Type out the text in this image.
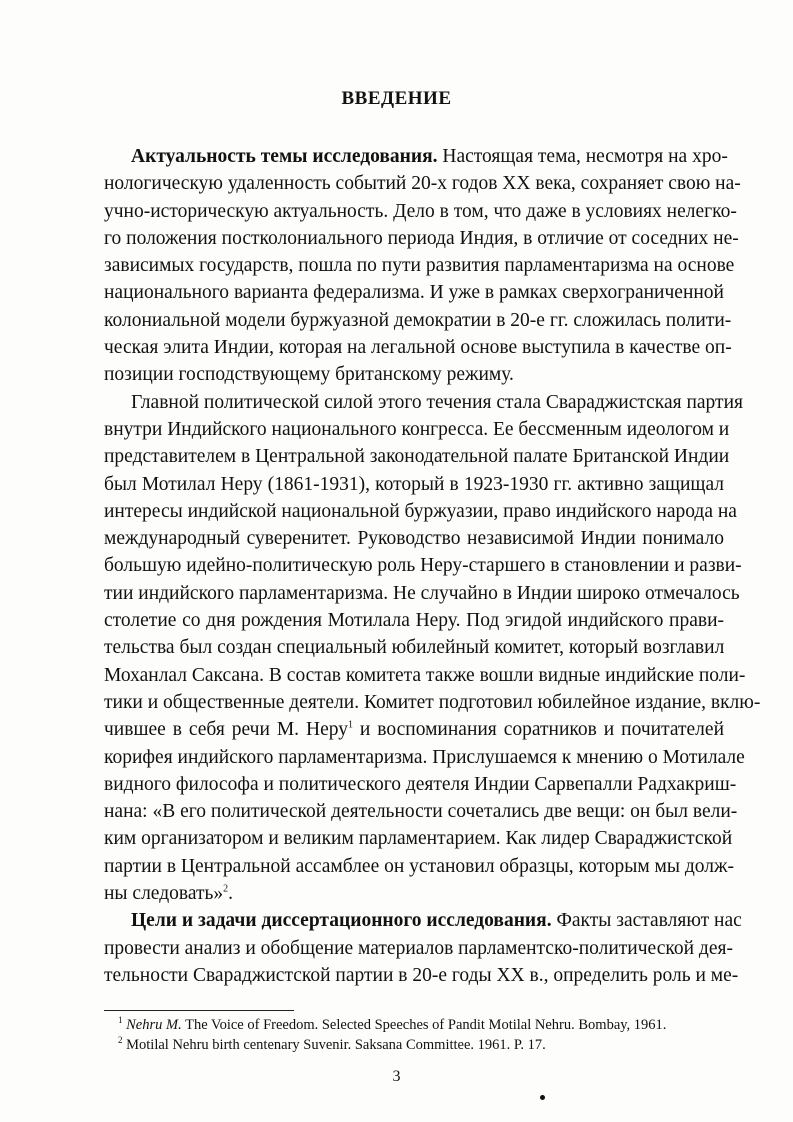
ВВЕДЕНИЕ
Актуальность темы исследования. Настоящая тема, несмотря на хро-
нологическую удаленность событий 20-х годов XX века, сохраняет свою на-
учно-историческую актуальность. Дело в том, что даже в условиях нелегко-
го положения постколониального периода Индия, в отличие от соседних не-
зависимых государств, пошла по пути развития парламентаризма на основе
национального варианта федерализма. И уже в рамках сверхограниченной
колониальной модели буржуазной демократии в 20-е гг. сложилась полити-
ческая элита Индии, которая на легальной основе выступила в качестве оп-
позиции господствующему британскому режиму.
Главной политической силой этого течения стала Свараджистская партия
внутри Индийского национального конгресса. Ее бессменным идеологом и
представителем в Центральной законодательной палате Британской Индии
был Мотилал Неру (1861-1931), который в 1923-1930 гг. активно защищал
интересы индийской национальной буржуазии, право индийского народа на
международный суверенитет. Руководство независимой Индии понимало
большую идейно-политическую роль Неру-старшего в становлении и разви-
тии индийского парламентаризма. Не случайно в Индии широко отмечалось
столетие со дня рождения Мотилала Неру. Под эгидой индийского прави-
тельства был создан специальный юбилейный комитет, который возглавил
Моханлал Саксана. В состав комитета также вошли видные индийские поли-
тики и общественные деятели. Комитет подготовил юбилейное издание, вклю-
чившее в себя речи М. Неру$^1$ и воспоминания соратников и почитателей
корифея индийского парламентаризма. Прислушаемся к мнению о Мотилале
видного философа и политического деятеля Индии Сарвепалли Радхакриш-
нана: «В его политической деятельности сочетались две вещи: он был вели-
ким организатором и великим парламентарием. Как лидер Свараджистской
партии в Центральной ассамблее он установил образцы, которым мы долж-
ны следовать»$^2$.
Цели и задачи диссертационного исследования. Факты заставляют нас
провести анализ и обобщение материалов парламентско-политической дея-
тельности Свараджистской партии в 20-е годы XX в., определить роль и ме-
$^1$ Nehru M. The Voice of Freedom. Selected Speeches of Pandit Motilal Nehru. Bombay, 1961.
$^2$ Motilal Nehru birth centenary Suvenir. Saksana Committee. 1961. P. 17.
3
